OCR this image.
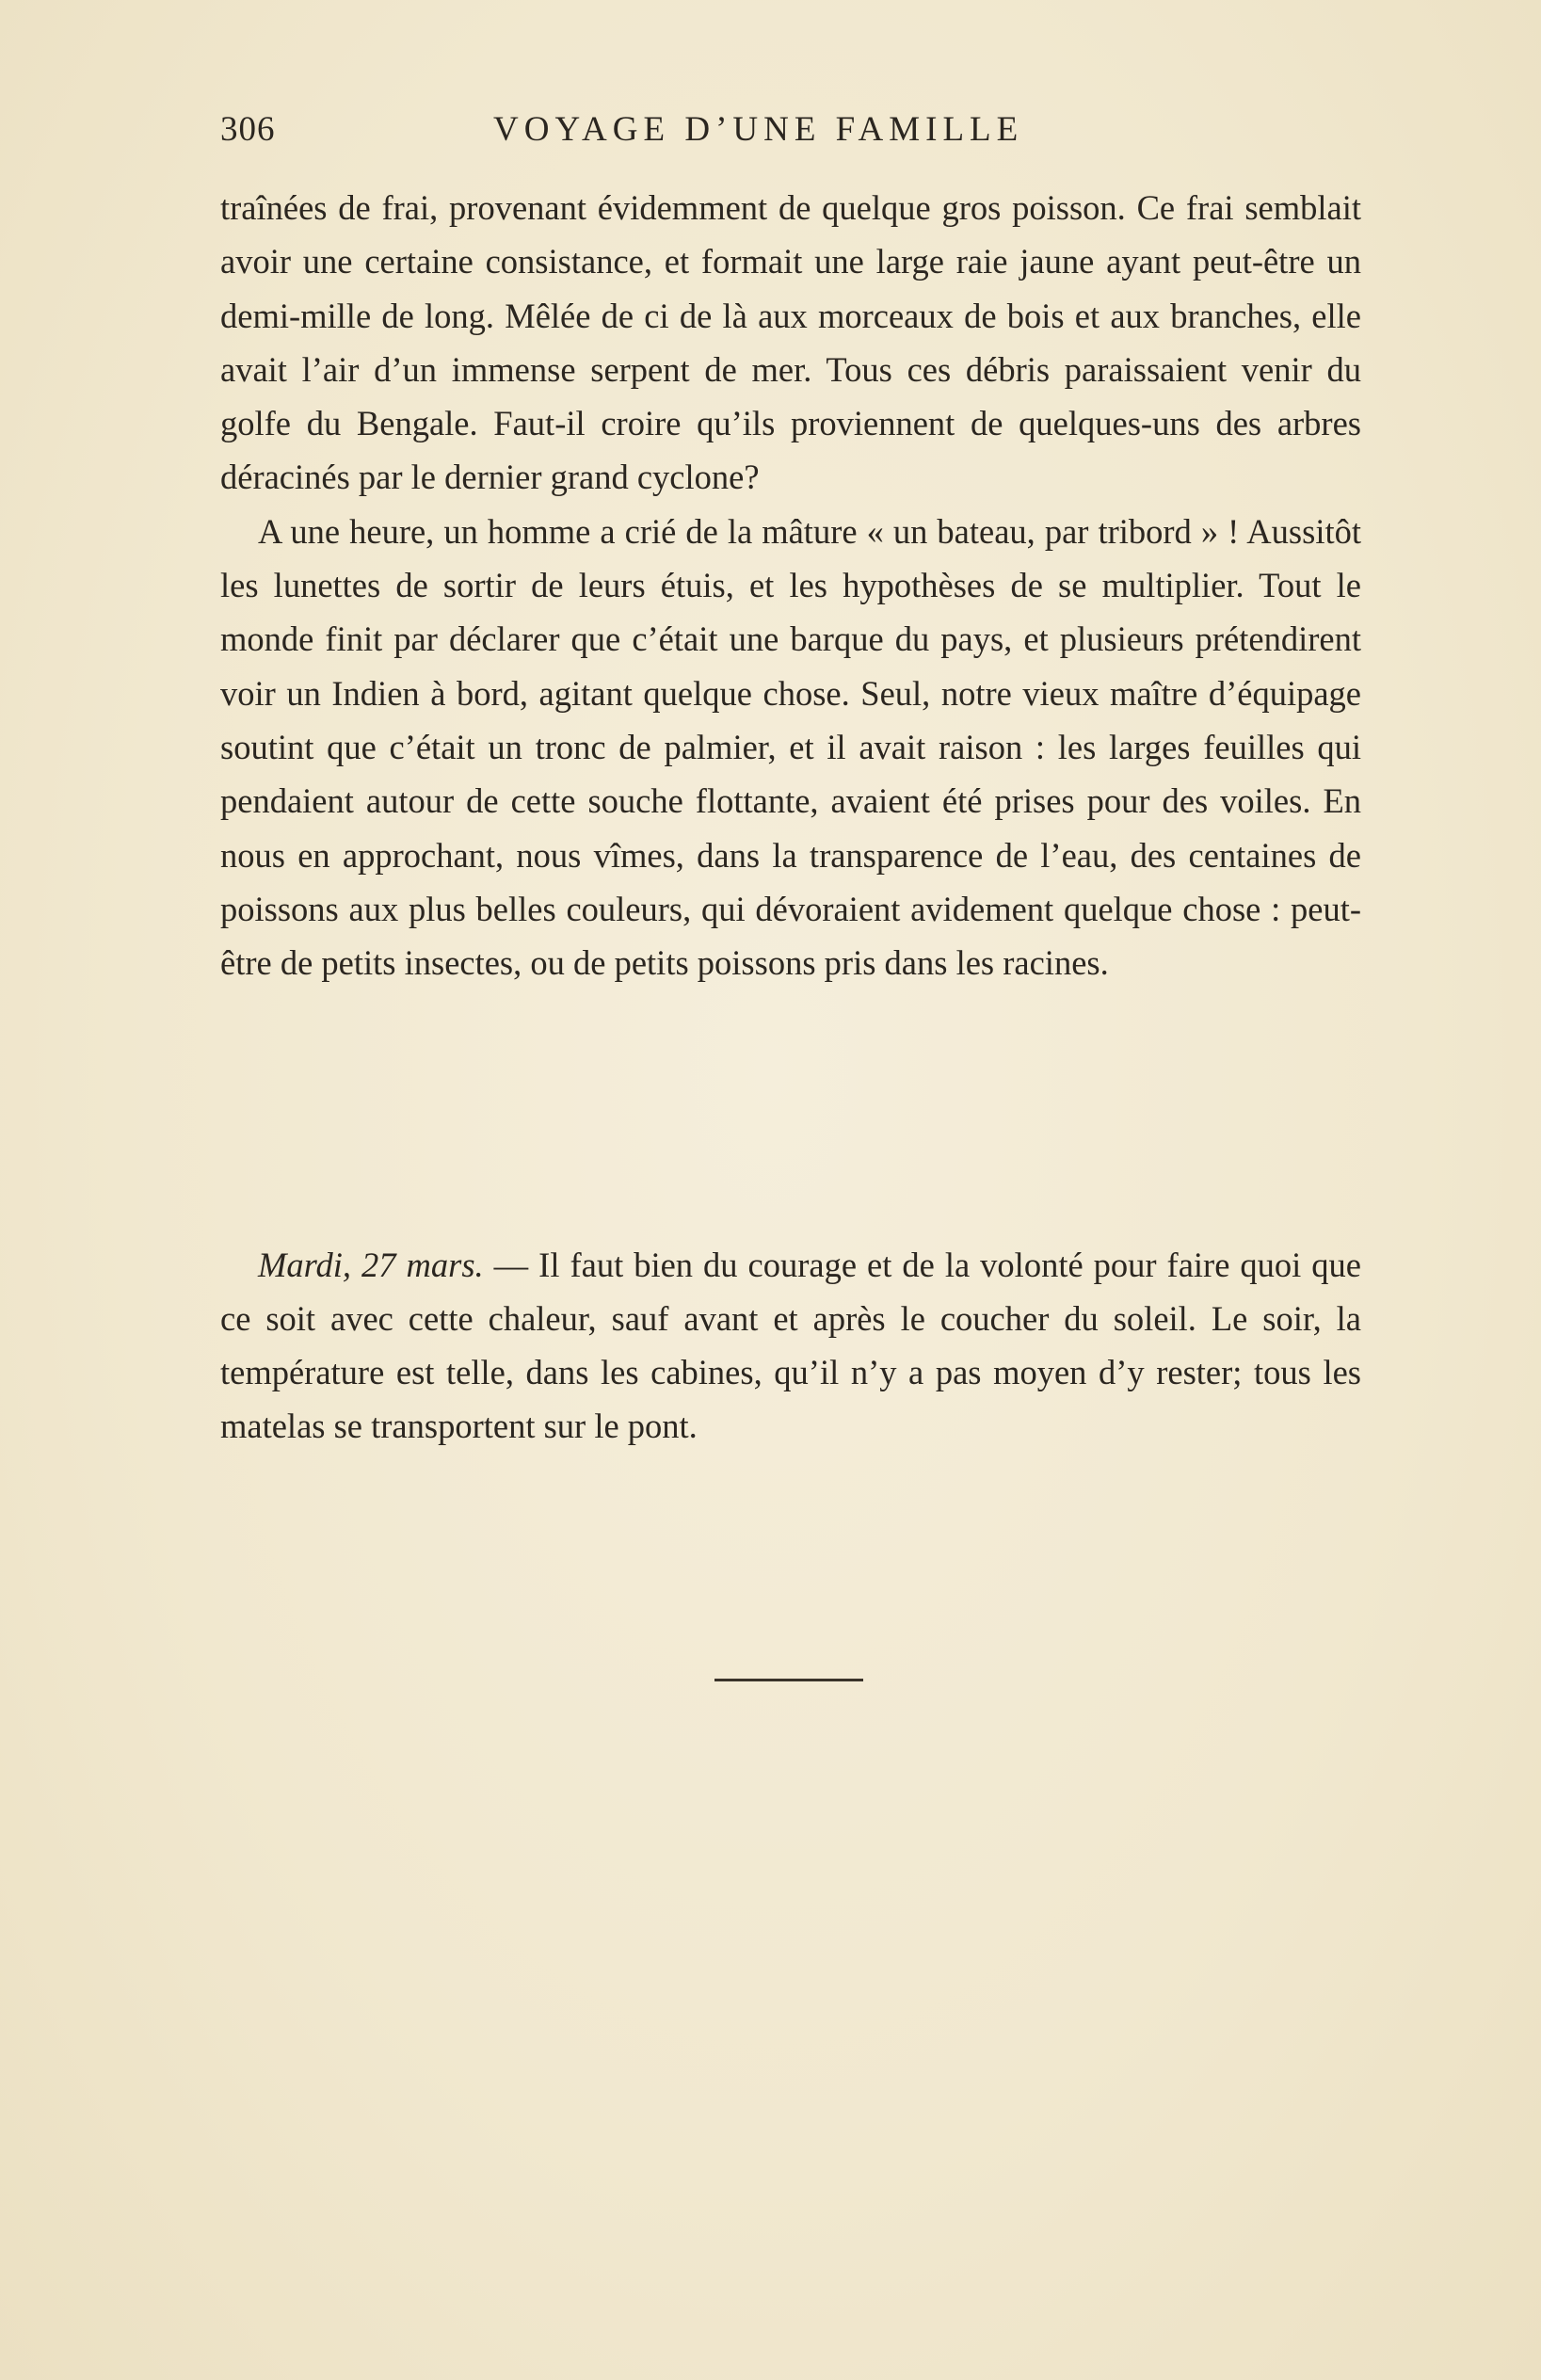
306	VOYAGE D’UNE FAMILLE

traînées de frai, provenant évidemment de quelque gros poisson. Ce frai semblait avoir une certaine consistance, et formait une large raie jaune ayant peut-être un demi-mille de long. Mêlée de ci de là aux morceaux de bois et aux branches, elle avait l’air d’un immense serpent de mer. Tous ces débris paraissaient venir du golfe du Bengale. Faut-il croire qu’ils proviennent de quelques-uns des arbres déracinés par le dernier grand cyclone?

A une heure, un homme a crié de la mâture « un bateau, par tribord » ! Aussitôt les lunettes de sortir de leurs étuis, et les hypothèses de se multiplier. Tout le monde finit par déclarer que c’était une barque du pays, et plusieurs prétendirent voir un Indien à bord, agitant quelque chose. Seul, notre vieux maître d’équipage soutint que c’était un tronc de palmier, et il avait raison : les larges feuilles qui pendaient autour de cette souche flottante, avaient été prises pour des voiles. En nous en approchant, nous vîmes, dans la transparence de l’eau, des centaines de poissons aux plus belles couleurs, qui dévoraient avidement quelque chose : peut-être de petits insectes, ou de petits poissons pris dans les racines.

Mardi, 27 mars. — Il faut bien du courage et de la volonté pour faire quoi que ce soit avec cette chaleur, sauf avant et après le coucher du soleil. Le soir, la température est telle, dans les cabines, qu’il n’y a pas moyen d’y rester; tous les matelas se transportent sur le pont.
